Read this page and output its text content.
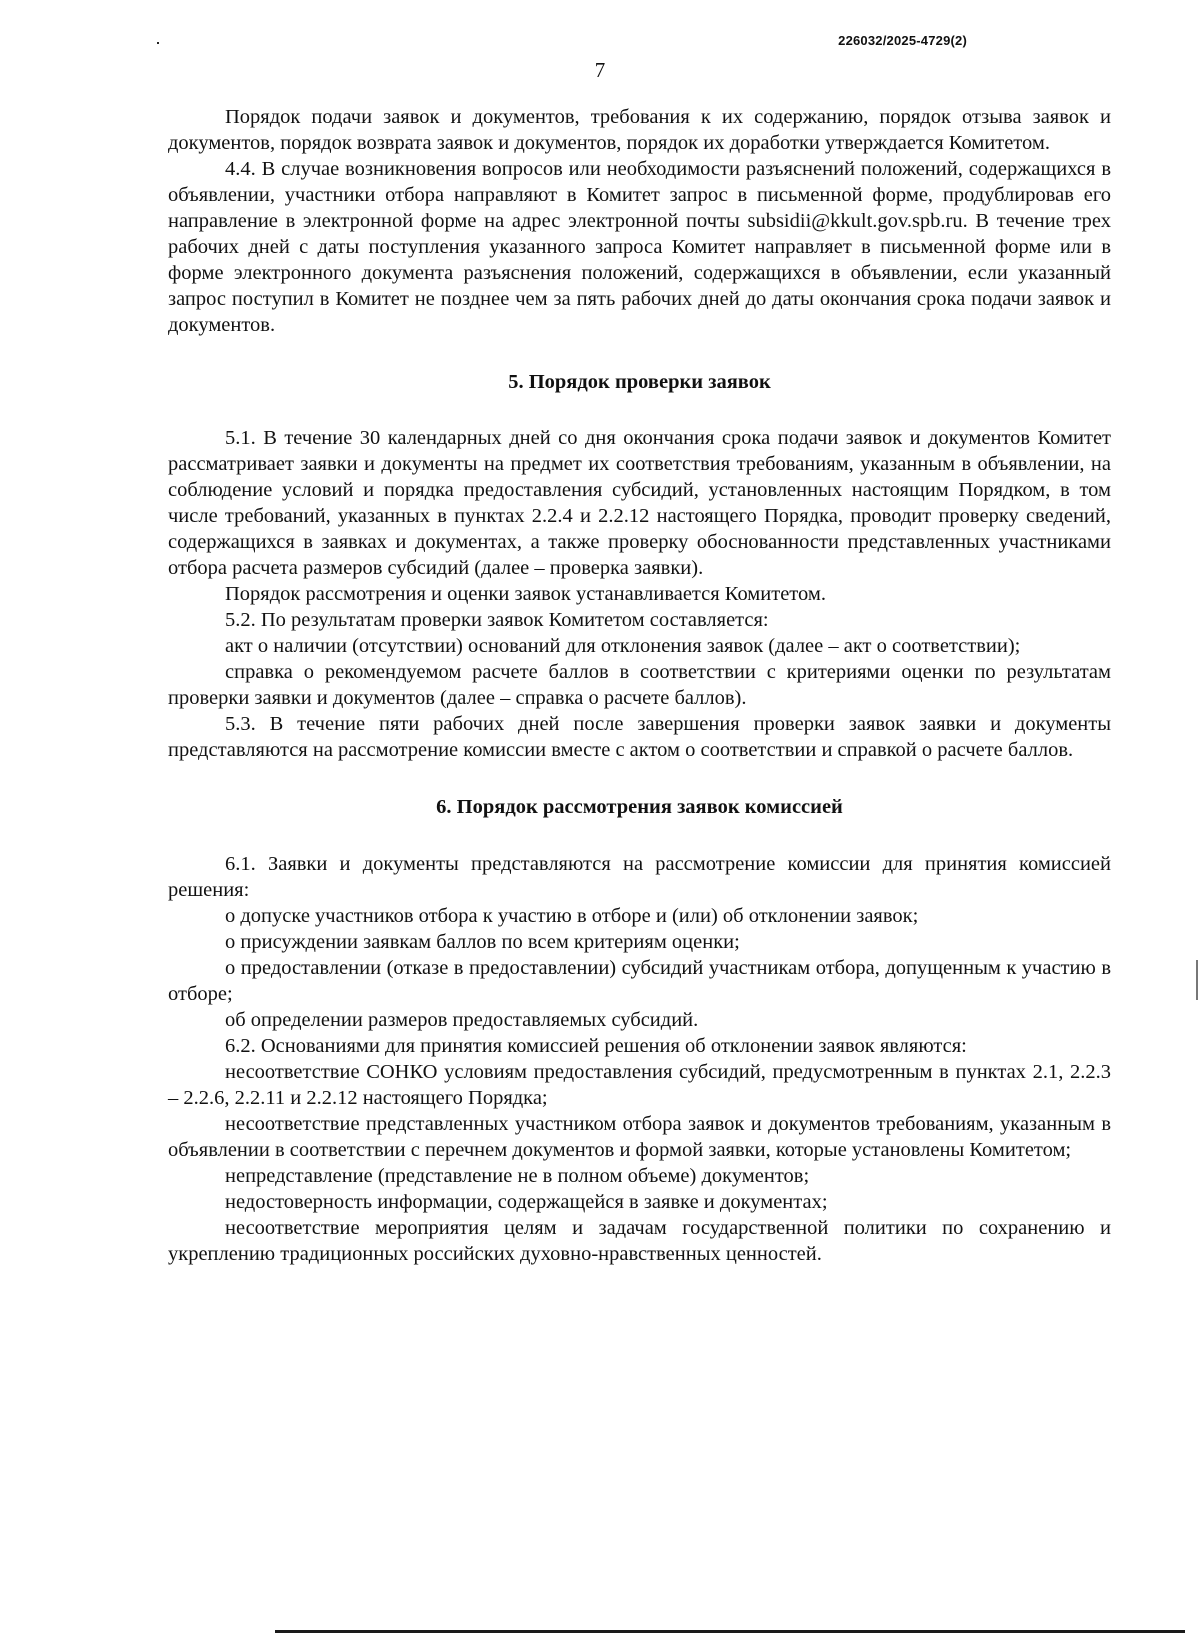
226032/2025-4729(2)
7

Порядок подачи заявок и документов, требования к их содержанию, порядок отзыва заявок и документов, порядок возврата заявок и документов, порядок их доработки утверждается Комитетом.

4.4. В случае возникновения вопросов или необходимости разъяснений положений, содержащихся в объявлении, участники отбора направляют в Комитет запрос в письменной форме, продублировав его направление в электронной форме на адрес электронной почты subsidii@kkult.gov.spb.ru. В течение трех рабочих дней с даты поступления указанного запроса Комитет направляет в письменной форме или в форме электронного документа разъяснения положений, содержащихся в объявлении, если указанный запрос поступил в Комитет не позднее чем за пять рабочих дней до даты окончания срока подачи заявок и документов.

5. Порядок проверки заявок

5.1. В течение 30 календарных дней со дня окончания срока подачи заявок и документов Комитет рассматривает заявки и документы на предмет их соответствия требованиям, указанным в объявлении, на соблюдение условий и порядка предоставления субсидий, установленных настоящим Порядком, в том числе требований, указанных в пунктах 2.2.4 и 2.2.12 настоящего Порядка, проводит проверку сведений, содержащихся в заявках и документах, а также проверку обоснованности представленных участниками отбора расчета размеров субсидий (далее – проверка заявки).

Порядок рассмотрения и оценки заявок устанавливается Комитетом.

5.2. По результатам проверки заявок Комитетом составляется:

акт о наличии (отсутствии) оснований для отклонения заявок (далее – акт о соответствии);

справка о рекомендуемом расчете баллов в соответствии с критериями оценки по результатам проверки заявки и документов (далее – справка о расчете баллов).

5.3. В течение пяти рабочих дней после завершения проверки заявок заявки и документы представляются на рассмотрение комиссии вместе с актом о соответствии и справкой о расчете баллов.

6. Порядок рассмотрения заявок комиссией

6.1. Заявки и документы представляются на рассмотрение комиссии для принятия комиссией решения:

о допуске участников отбора к участию в отборе и (или) об отклонении заявок;

о присуждении заявкам баллов по всем критериям оценки;

о предоставлении (отказе в предоставлении) субсидий участникам отбора, допущенным к участию в отборе;

об определении размеров предоставляемых субсидий.

6.2. Основаниями для принятия комиссией решения об отклонении заявок являются:

несоответствие СОНКО условиям предоставления субсидий, предусмотренным в пунктах 2.1, 2.2.3 – 2.2.6, 2.2.11 и 2.2.12 настоящего Порядка;

несоответствие представленных участником отбора заявок и документов требованиям, указанным в объявлении в соответствии с перечнем документов и формой заявки, которые установлены Комитетом;

непредставление (представление не в полном объеме) документов;

недостоверность информации, содержащейся в заявке и документах;

несоответствие мероприятия целям и задачам государственной политики по сохранению и укреплению традиционных российских духовно-нравственных ценностей.
